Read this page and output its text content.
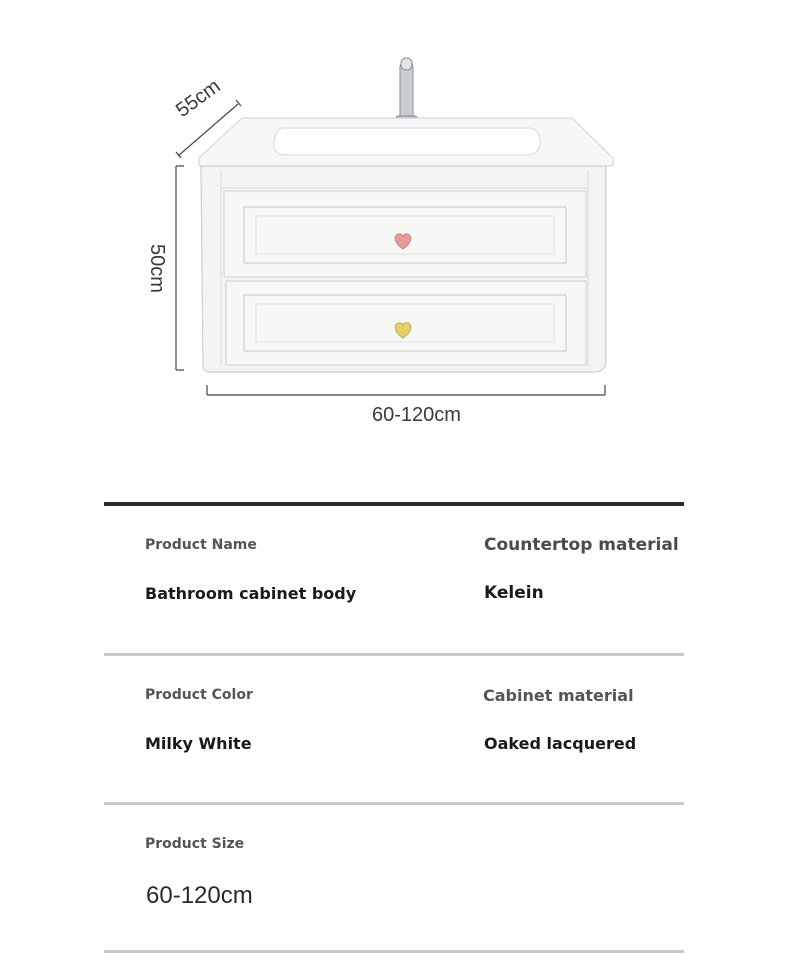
55cm
50cm
60-120cm
Product Name	Countertop material
Bathroom cabinet body	Kelein
Product Color	Cabinet material
Milky White	Oaked lacquered
Product Size
60-120cm
